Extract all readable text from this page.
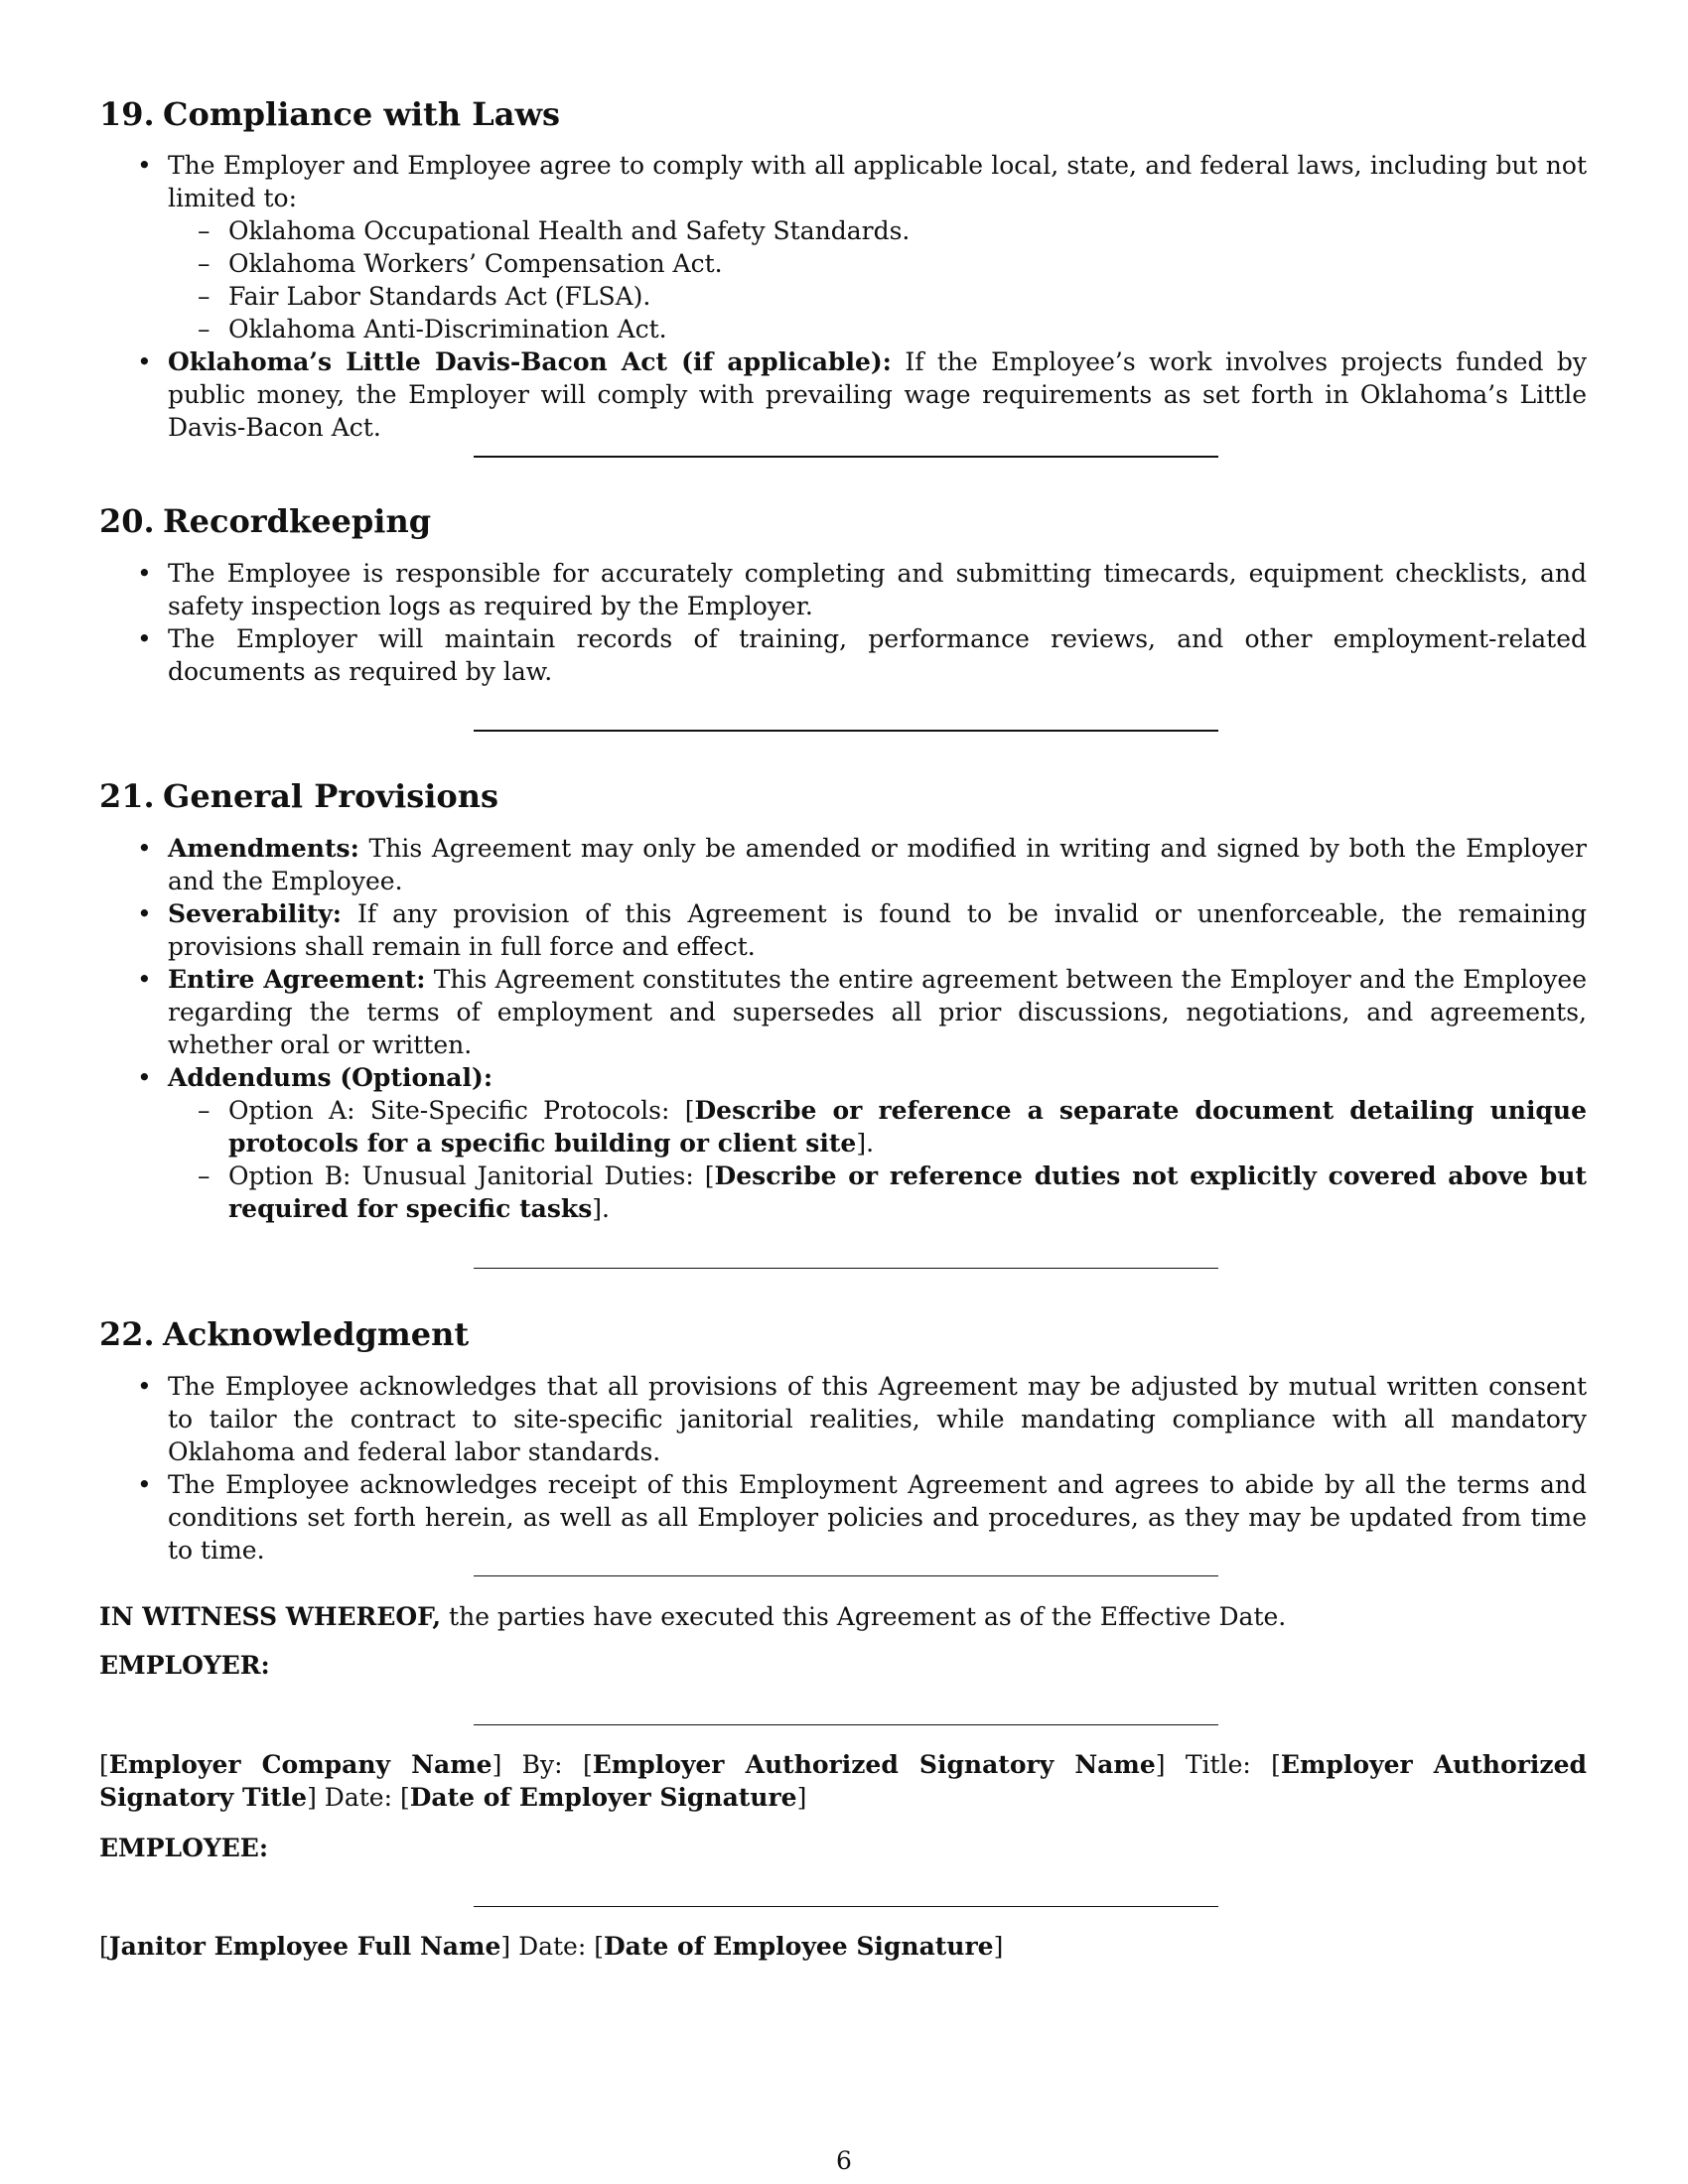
19. Compliance with Laws
• The Employer and Employee agree to comply with all applicable local, state, and federal laws, including but not limited to:
– Oklahoma Occupational Health and Safety Standards.
– Oklahoma Workers’ Compensation Act.
– Fair Labor Standards Act (FLSA).
– Oklahoma Anti-Discrimination Act.
• Oklahoma’s Little Davis-Bacon Act (if applicable): If the Employee’s work involves projects funded by public money, the Employer will comply with prevailing wage requirements as set forth in Oklahoma’s Little Davis-Bacon Act.
20. Recordkeeping
• The Employee is responsible for accurately completing and submitting timecards, equipment checklists, and safety inspection logs as required by the Employer.
• The Employer will maintain records of training, performance reviews, and other employment-related documents as required by law.
21. General Provisions
• Amendments: This Agreement may only be amended or modified in writing and signed by both the Employer and the Employee.
• Severability: If any provision of this Agreement is found to be invalid or unenforceable, the remaining provisions shall remain in full force and effect.
• Entire Agreement: This Agreement constitutes the entire agreement between the Employer and the Employee regarding the terms of employment and supersedes all prior discussions, negotiations, and agreements, whether oral or written.
• Addendums (Optional):
– Option A: Site-Specific Protocols: [Describe or reference a separate document detailing unique protocols for a specific building or client site].
– Option B: Unusual Janitorial Duties: [Describe or reference duties not explicitly covered above but required for specific tasks].
22. Acknowledgment
• The Employee acknowledges that all provisions of this Agreement may be adjusted by mutual written consent to tailor the contract to site-specific janitorial realities, while mandating compliance with all mandatory Oklahoma and federal labor standards.
• The Employee acknowledges receipt of this Employment Agreement and agrees to abide by all the terms and conditions set forth herein, as well as all Employer policies and procedures, as they may be updated from time to time.

IN WITNESS WHEREOF, the parties have executed this Agreement as of the Effective Date.

EMPLOYER:

[Employer Company Name] By: [Employer Authorized Signatory Name] Title: [Employer Authorized Signatory Title] Date: [Date of Employer Signature]

EMPLOYEE:

[Janitor Employee Full Name] Date: [Date of Employee Signature]

6
